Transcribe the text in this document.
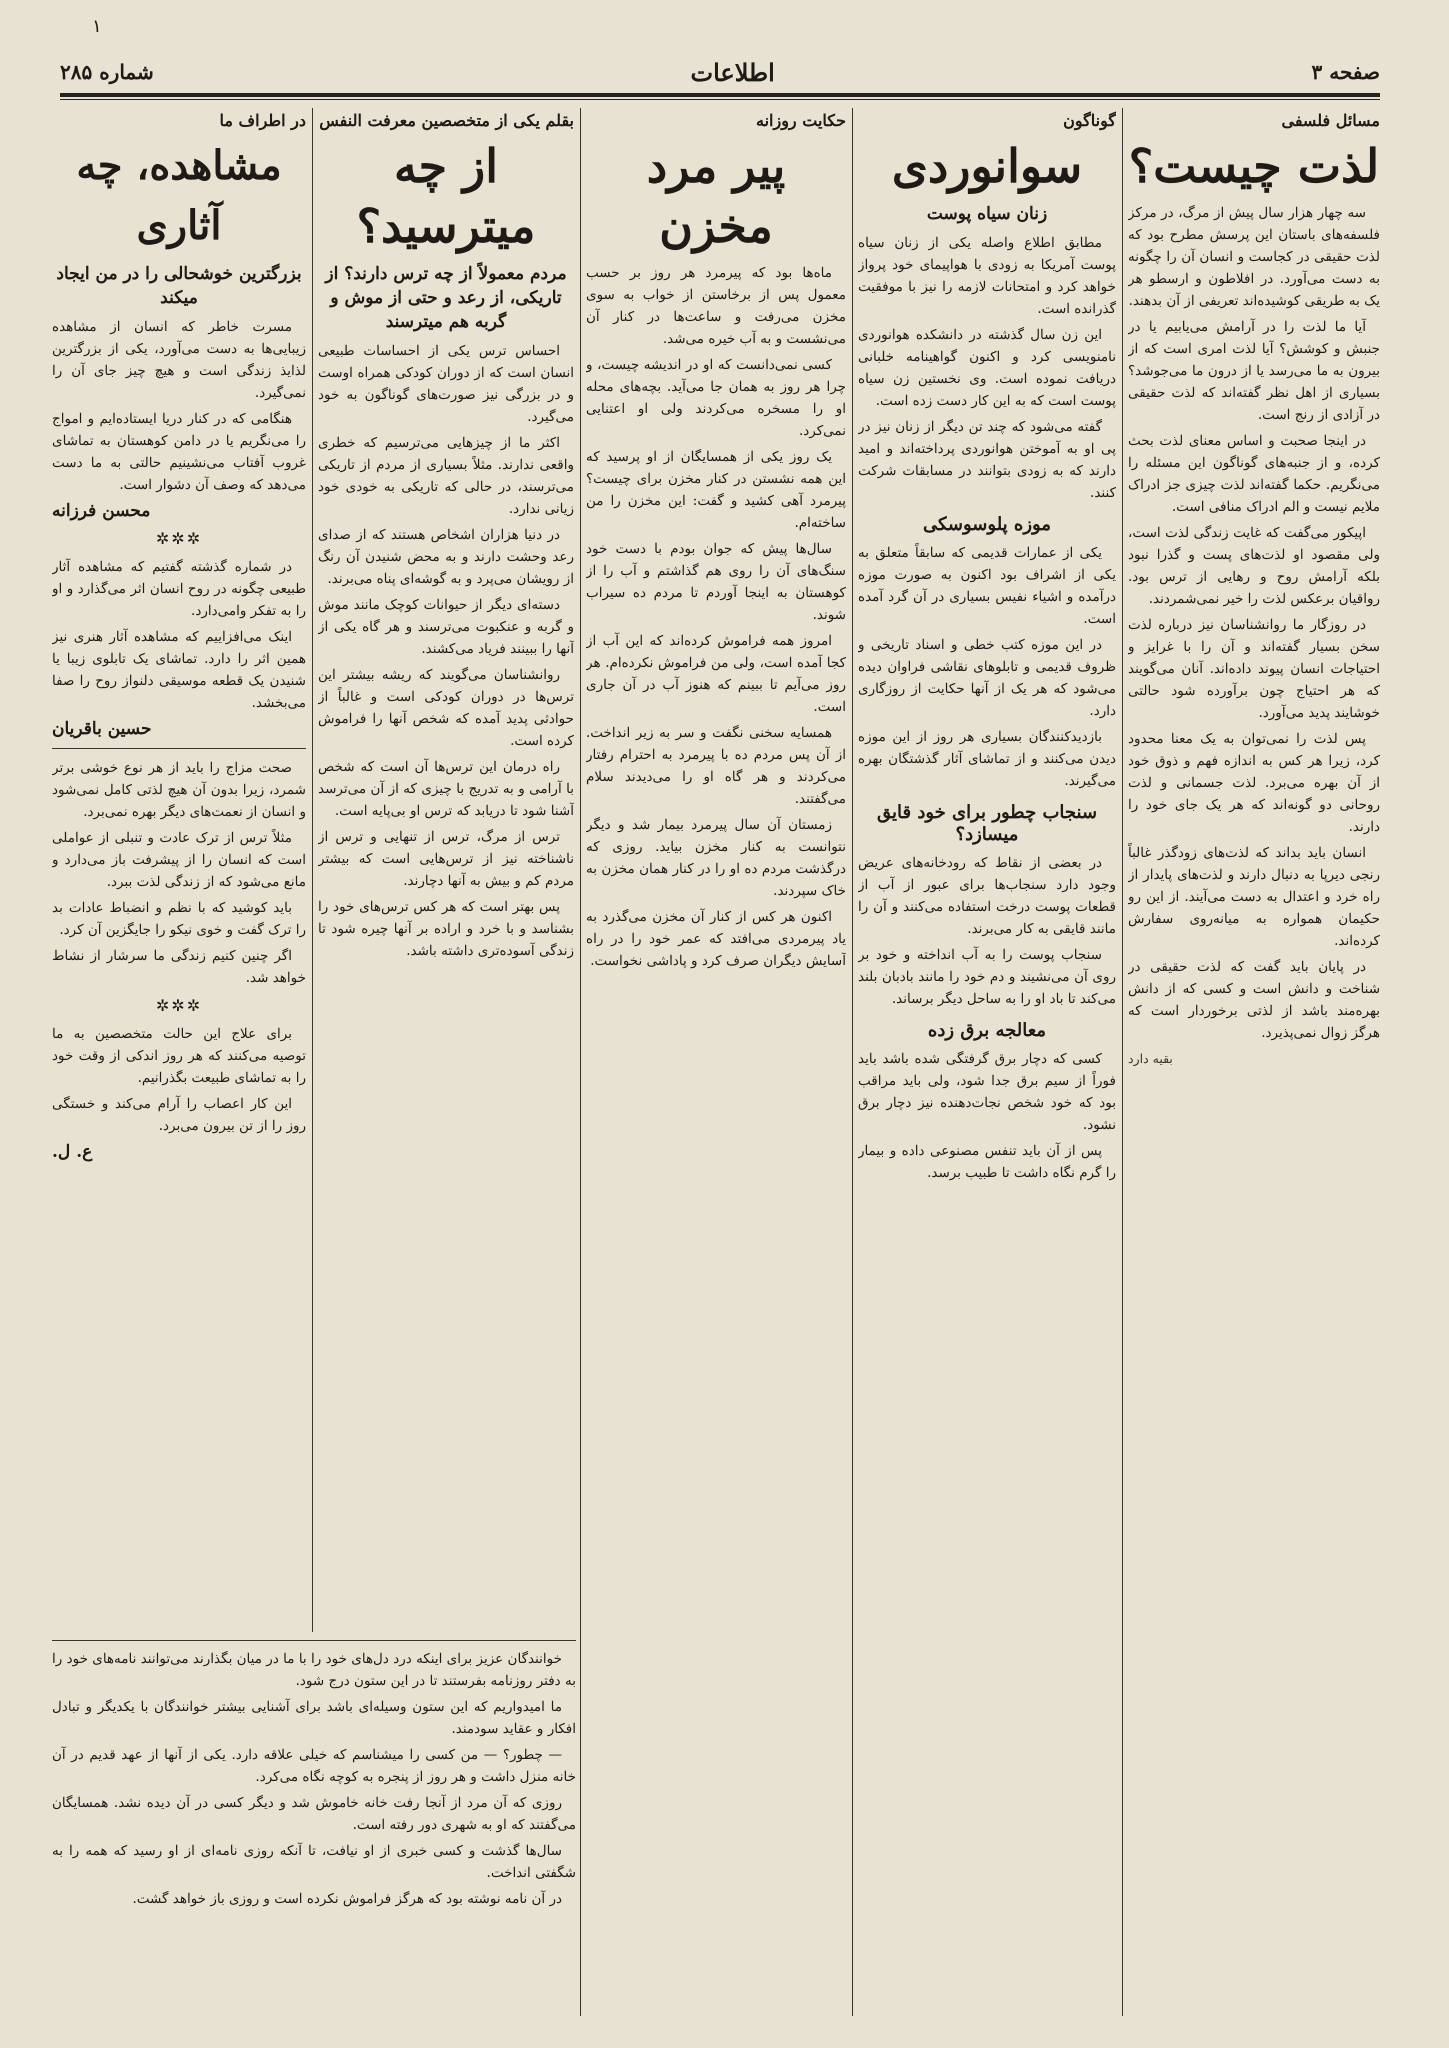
١
صفحه ۳
اطلاعات
شماره ۲۸۵
مسائل فلسفی
لذت چیست؟

سه چهار هزار سال پیش از مرگ، در مرکز فلسفه‌های باستان این پرسش مطرح بود که لذت حقیقی در کجاست و انسان آن را چگونه به دست می‌آورد. در افلاطون و ارسطو هر یک به طریقی کوشیده‌اند تعریفی از آن بدهند.

آیا ما لذت را در آرامش می‌یابیم یا در جنبش و کوشش؟ آیا لذت امری است که از بیرون به ما می‌رسد یا از درون ما می‌جوشد؟ بسیاری از اهل نظر گفته‌اند که لذت حقیقی در آزادی از رنج است.

در اینجا صحبت و اساس معنای لذت بحث کرده، و از جنبه‌های گوناگون این مسئله را می‌نگریم. حکما گفته‌اند لذت چیزی جز ادراک ملایم نیست و الم ادراک منافی است.

اپیکور می‌گفت که غایت زندگی لذت است، ولی مقصود او لذت‌های پست و گذرا نبود بلکه آرامش روح و رهایی از ترس بود. رواقیان برعکس لذت را خیر نمی‌شمردند.

در روزگار ما روانشناسان نیز درباره لذت سخن بسیار گفته‌اند و آن را با غرایز و احتیاجات انسان پیوند داده‌اند. آنان می‌گویند که هر احتیاج چون برآورده شود حالتی خوشایند پدید می‌آورد.

پس لذت را نمی‌توان به یک معنا محدود کرد، زیرا هر کس به اندازه فهم و ذوق خود از آن بهره می‌برد. لذت جسمانی و لذت روحانی دو گونه‌اند که هر یک جای خود را دارند.

انسان باید بداند که لذت‌های زودگذر غالباً رنجی دیرپا به دنبال دارند و لذت‌های پایدار از راه خرد و اعتدال به دست می‌آیند. از این رو حکیمان همواره به میانه‌روی سفارش کرده‌اند.

در پایان باید گفت که لذت حقیقی در شناخت و دانش است و کسی که از دانش بهره‌مند باشد از لذتی برخوردار است که هرگز زوال نمی‌پذیرد.

بقیه دارد
گوناگون
سوانوردی
زنان سیاه پوست

مطابق اطلاع واصله یکی از زنان سیاه پوست آمریکا به زودی با هواپیمای خود پرواز خواهد کرد و امتحانات لازمه را نیز با موفقیت گذرانده است.

این زن سال گذشته در دانشکده هوانوردی نامنویسی کرد و اکنون گواهینامه خلبانی دریافت نموده است. وی نخستین زن سیاه پوست است که به این کار دست زده است.

گفته می‌شود که چند تن دیگر از زنان نیز در پی او به آموختن هوانوردی پرداخته‌اند و امید دارند که به زودی بتوانند در مسابقات شرکت کنند.

موزه پلوسوسکی

یکی از عمارات قدیمی که سابقاً متعلق به یکی از اشراف بود اکنون به صورت موزه درآمده و اشیاء نفیس بسیاری در آن گرد آمده است.

در این موزه کتب خطی و اسناد تاریخی و ظروف قدیمی و تابلوهای نقاشی فراوان دیده می‌شود که هر یک از آنها حکایت از روزگاری دارد.

بازدیدکنندگان بسیاری هر روز از این موزه دیدن می‌کنند و از تماشای آثار گذشتگان بهره می‌گیرند.

سنجاب چطور برای خود قایق میسازد؟

در بعضی از نقاط که رودخانه‌های عریض وجود دارد سنجاب‌ها برای عبور از آب از قطعات پوست درخت استفاده می‌کنند و آن را مانند قایقی به کار می‌برند.

سنجاب پوست را به آب انداخته و خود بر روی آن می‌نشیند و دم خود را مانند بادبان بلند می‌کند تا باد او را به ساحل دیگر برساند.

معالجه برق زده

کسی که دچار برق گرفتگی شده باشد باید فوراً از سیم برق جدا شود، ولی باید مراقب بود که خود شخص نجات‌دهنده نیز دچار برق نشود.

پس از آن باید تنفس مصنوعی داده و بیمار را گرم نگاه داشت تا طبیب برسد.

حکایت روزانه
پیر مرد مخزن

ماه‌ها بود که پیرمرد هر روز بر حسب معمول پس از برخاستن از خواب به سوی مخزن می‌رفت و ساعت‌ها در کنار آن می‌نشست و به آب خیره می‌شد.

کسی نمی‌دانست که او در اندیشه چیست، و چرا هر روز به همان جا می‌آید. بچه‌های محله او را مسخره می‌کردند ولی او اعتنایی نمی‌کرد.

یک روز یکی از همسایگان از او پرسید که این همه نشستن در کنار مخزن برای چیست؟ پیرمرد آهی کشید و گفت: این مخزن را من ساخته‌ام.

سال‌ها پیش که جوان بودم با دست خود سنگ‌های آن را روی هم گذاشتم و آب را از کوهستان به اینجا آوردم تا مردم ده سیراب شوند.

امروز همه فراموش کرده‌اند که این آب از کجا آمده است، ولی من فراموش نکرده‌ام. هر روز می‌آیم تا ببینم که هنوز آب در آن جاری است.

همسایه سخنی نگفت و سر به زیر انداخت. از آن پس مردم ده با پیرمرد به احترام رفتار می‌کردند و هر گاه او را می‌دیدند سلام می‌گفتند.

زمستان آن سال پیرمرد بیمار شد و دیگر نتوانست به کنار مخزن بیاید. روزی که درگذشت مردم ده او را در کنار همان مخزن به خاک سپردند.

اکنون هر کس از کنار آن مخزن می‌گذرد به یاد پیرمردی می‌افتد که عمر خود را در راه آسایش دیگران صرف کرد و پاداشی نخواست.

بقلم یکی از متخصصین معرفت النفس
از چه میترسید؟
مردم معمولاً از چه ترس دارند؟ از تاریکی، از رعد و حتی از موش و گربه هم میترسند

احساس ترس یکی از احساسات طبیعی انسان است که از دوران کودکی همراه اوست و در بزرگی نیز صورت‌های گوناگون به خود می‌گیرد.

اکثر ما از چیزهایی می‌ترسیم که خطری واقعی ندارند. مثلاً بسیاری از مردم از تاریکی می‌ترسند، در حالی که تاریکی به خودی خود زیانی ندارد.

در دنیا هزاران اشخاص هستند که از صدای رعد وحشت دارند و به محض شنیدن آن رنگ از رویشان می‌پرد و به گوشه‌ای پناه می‌برند.

دسته‌ای دیگر از حیوانات کوچک مانند موش و گربه و عنکبوت می‌ترسند و هر گاه یکی از آنها را ببینند فریاد می‌کشند.

روانشناسان می‌گویند که ریشه بیشتر این ترس‌ها در دوران کودکی است و غالباً از حوادثی پدید آمده که شخص آنها را فراموش کرده است.

راه درمان این ترس‌ها آن است که شخص با آرامی و به تدریج با چیزی که از آن می‌ترسد آشنا شود تا دریابد که ترس او بی‌پایه است.

ترس از مرگ، ترس از تنهایی و ترس از ناشناخته نیز از ترس‌هایی است که بیشتر مردم کم و بیش به آنها دچارند.

پس بهتر است که هر کس ترس‌های خود را بشناسد و با خرد و اراده بر آنها چیره شود تا زندگی آسوده‌تری داشته باشد.

در اطراف ما
مشاهده، چه آثاری
بزرگترین خوشحالی را در من ایجاد میکند

مسرت خاطر که انسان از مشاهده زیبایی‌ها به دست می‌آورد، یکی از بزرگترین لذایذ زندگی است و هیچ چیز جای آن را نمی‌گیرد.

هنگامی که در کنار دریا ایستاده‌ایم و امواج را می‌نگریم یا در دامن کوهستان به تماشای غروب آفتاب می‌نشینیم حالتی به ما دست می‌دهد که وصف آن دشوار است.

محسن فرزانه
✲✲✲

در شماره گذشته گفتیم که مشاهده آثار طبیعی چگونه در روح انسان اثر می‌گذارد و او را به تفکر وامی‌دارد.

اینک می‌افزاییم که مشاهده آثار هنری نیز همین اثر را دارد. تماشای یک تابلوی زیبا یا شنیدن یک قطعه موسیقی دلنواز روح را صفا می‌بخشد.

حسین باقریان

صحت مزاج را باید از هر نوع خوشی برتر شمرد، زیرا بدون آن هیچ لذتی کامل نمی‌شود و انسان از نعمت‌های دیگر بهره نمی‌برد.

مثلاً ترس از ترک عادت و تنبلی از عواملی است که انسان را از پیشرفت باز می‌دارد و مانع می‌شود که از زندگی لذت ببرد.

باید کوشید که با نظم و انضباط عادات بد را ترک گفت و خوی نیکو را جایگزین آن کرد.

اگر چنین کنیم زندگی ما سرشار از نشاط خواهد شد.

✲✲✲

برای علاج این حالت متخصصین به ما توصیه می‌کنند که هر روز اندکی از وقت خود را به تماشای طبیعت بگذرانیم.

این کار اعصاب را آرام می‌کند و خستگی روز را از تن بیرون می‌برد.

ع. ل.

خوانندگان عزیز برای اینکه درد دل‌های خود را با ما در میان بگذارند می‌توانند نامه‌های خود را به دفتر روزنامه بفرستند تا در این ستون درج شود.

ما امیدواریم که این ستون وسیله‌ای باشد برای آشنایی بیشتر خوانندگان با یکدیگر و تبادل افکار و عقاید سودمند.

— چطور؟ — من کسی را میشناسم که خیلی علاقه دارد. یکی از آنها از عهد قدیم در آن خانه منزل داشت و هر روز از پنجره به کوچه نگاه می‌کرد.

روزی که آن مرد از آنجا رفت خانه خاموش شد و دیگر کسی در آن دیده نشد. همسایگان می‌گفتند که او به شهری دور رفته است.

سال‌ها گذشت و کسی خبری از او نیافت، تا آنکه روزی نامه‌ای از او رسید که همه را به شگفتی انداخت.

در آن نامه نوشته بود که هرگز فراموش نکرده است و روزی باز خواهد گشت.
